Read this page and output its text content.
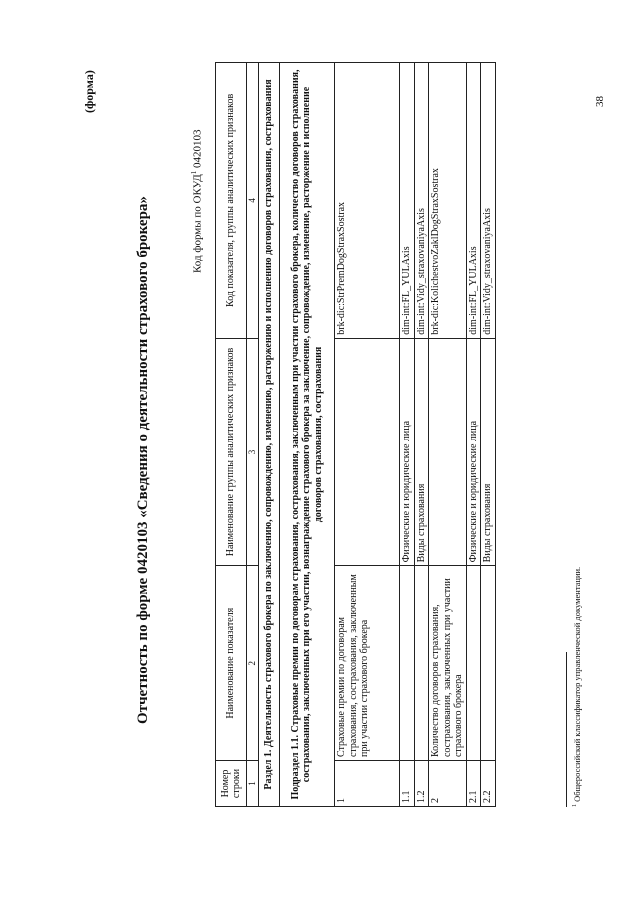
(форма)	38
Отчетность по форме 0420103 «Сведения о деятельности страхового брокера»	Код формы по ОКУД$^1$ 0420103
Номер строки	Наименование показателя	Наименование группы аналитических признаков	Код показателя, группы аналитических признаков
1	2	3	4
Раздел 1. Деятельность страхового брокера по заключению, сопровождению, изменению, расторжению и исполнению договоров страхования, сострахования			
Подраздел 1.1. Страховые премии по договорам страхования, сострахования, заключенным при участии страхового брокера, количество договоров страхования, сострахования, заключенных при его участии, вознаграждение страхового брокера за заключение, сопровождение, изменение, расторжение и исполнение договоров страхования, сострахования			
1	Страховые премии по договорам страхования, сострахования, заключенным при участии страхового брокера		brk-dic:StrPremDogStraxSostrax
1.1		Физические и юридические лица	dim-int:FL_YULAxis
1.2		Виды страхования	dim-int:Vidy_straxovaniyaAxis
2	Количество договоров страхования, сострахования, заключенных при участии страхового брокера		brk-dic:KolichestvoZaklDogStraxSostrax
2.1		Физические и юридические лица	dim-int:FL_YULAxis
2.2		Виды страхования	dim-int:Vidy_straxovaniyaAxis
$^1$ Общероссийский классификатор управленческой документации.
